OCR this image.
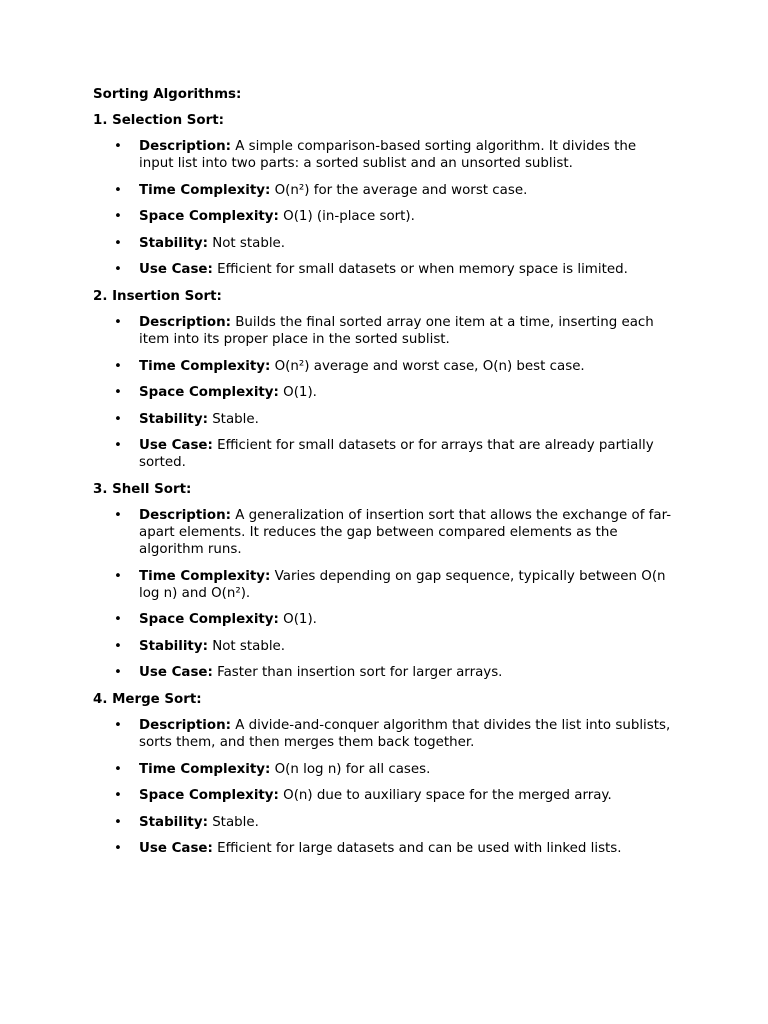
Sorting Algorithms:
1. Selection Sort:
• Description: A simple comparison-based sorting algorithm. It divides the input list into two parts: a sorted sublist and an unsorted sublist.
• Time Complexity: O(n²) for the average and worst case.
• Space Complexity: O(1) (in-place sort).
• Stability: Not stable.
• Use Case: Efficient for small datasets or when memory space is limited.
2. Insertion Sort:
• Description: Builds the final sorted array one item at a time, inserting each item into its proper place in the sorted sublist.
• Time Complexity: O(n²) average and worst case, O(n) best case.
• Space Complexity: O(1).
• Stability: Stable.
• Use Case: Efficient for small datasets or for arrays that are already partially sorted.
3. Shell Sort:
• Description: A generalization of insertion sort that allows the exchange of far-apart elements. It reduces the gap between compared elements as the algorithm runs.
• Time Complexity: Varies depending on gap sequence, typically between O(n log n) and O(n²).
• Space Complexity: O(1).
• Stability: Not stable.
• Use Case: Faster than insertion sort for larger arrays.
4. Merge Sort:
• Description: A divide-and-conquer algorithm that divides the list into sublists, sorts them, and then merges them back together.
• Time Complexity: O(n log n) for all cases.
• Space Complexity: O(n) due to auxiliary space for the merged array.
• Stability: Stable.
• Use Case: Efficient for large datasets and can be used with linked lists.
